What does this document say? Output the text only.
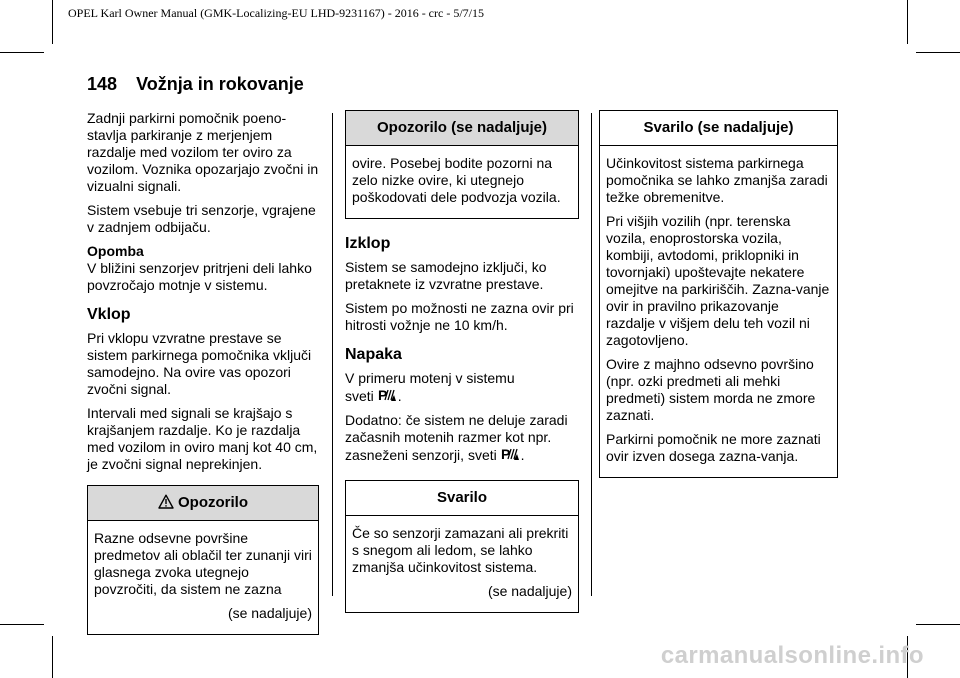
OPEL Karl Owner Manual (GMK-Localizing-EU LHD-9231167) - 2016 - crc - 5/7/15
148 Vožnja in rokovanje

Zadnji parkirni pomočnik poeno-stavlja parkiranje z merjenjem razdalje med vozilom ter oviro za vozilom. Voznika opozarjajo zvočni in vizualni signali.

Sistem vsebuje tri senzorje, vgrajene v zadnjem odbijaču.

Opomba

V bližini senzorjev pritrjeni deli lahko povzročajo motnje v sistemu.

Vklop

Pri vklopu vzvratne prestave se sistem parkirnega pomočnika vključi samodejno. Na ovire vas opozori zvočni signal.

Intervali med signali se krajšajo s krajšanjem razdalje. Ko je razdalja med vozilom in oviro manj kot 40 cm, je zvočni signal neprekinjen.

Opozorilo

Razne odsevne površine predmetov ali oblačil ter zunanji viri glasnega zvoka utegnejo povzročiti, da sistem ne zazna

(se nadaljuje)

Opozorilo (se nadaljuje)

ovire. Posebej bodite pozorni na zelo nizke ovire, ki utegnejo poškodovati dele podvozja vozila.

Izklop

Sistem se samodejno izključi, ko pretaknete iz vzvratne prestave.

Sistem po možnosti ne zazna ovir pri hitrosti vožnje ne 10 km/h.

Napaka

V primeru motenj v sistemu
sveti P .

Dodatno: če sistem ne deluje zaradi začasnih motenih razmer kot npr.
zasneženi senzorji, sveti P .

Svarilo

Če so senzorji zamazani ali prekriti s snegom ali ledom, se lahko zmanjša učinkovitost sistema.

(se nadaljuje)

Svarilo (se nadaljuje)

Učinkovitost sistema parkirnega pomočnika se lahko zmanjša zaradi težke obremenitve.

Pri višjih vozilih (npr. terenska vozila, enoprostorska vozila, kombiji, avtodomi, priklopniki in tovornjaki) upoštevajte nekatere omejitve na parkiriščih. Zazna-vanje ovir in pravilno prikazovanje razdalje v višjem delu teh vozil ni zagotovljeno.

Ovire z majhno odsevno površino (npr. ozki predmeti ali mehki predmeti) sistem morda ne zmore zaznati.

Parkirni pomočnik ne more zaznati ovir izven dosega zazna-vanja.

carmanualsonline.info
